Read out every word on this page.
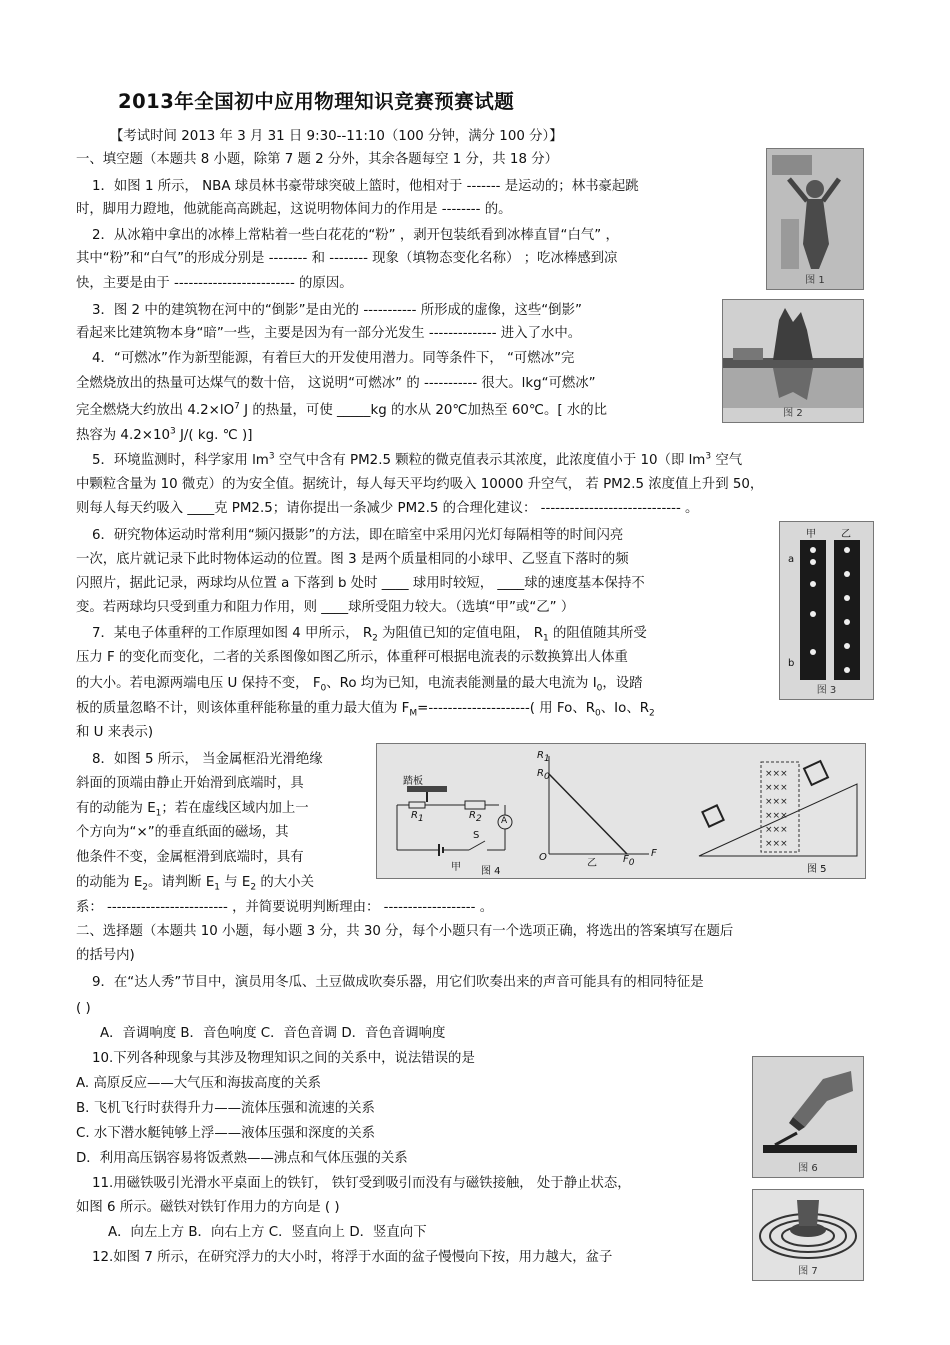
2013年全国初中应用物理知识竞赛预赛试题
【考试时间 2013 年 3 月 31 日 9:30--11:10（100 分钟，满分 100 分）】
一、填空题（本题共 8 小题，除第 7 题 2 分外，其余各题每空 1 分，共 18 分）
1．如图 1 所示， NBA 球员林书豪带球突破上篮时，他相对于 ------- 是运动的；林书豪起跳
时，脚用力蹬地，他就能高高跳起，这说明物体间力的作用是 -------- 的。
2．从冰箱中拿出的冰棒上常粘着一些白花花的“粉” ，剥开包装纸看到冰棒直冒“白气” ，
其中“粉”和“白气”的形成分别是 -------- 和 -------- 现象（填物态变化名称） ；吃冰棒感到凉
快，主要是由于 ------------------------- 的原因。
3．图 2 中的建筑物在河中的“倒影”是由光的 ----------- 所形成的虚像，这些“倒影”
看起来比建筑物本身“暗”一些，主要是因为有一部分光发生 -------------- 进入了水中。
4．“可燃冰”作为新型能源，有着巨大的开发使用潜力。同等条件下， “可燃冰”完
全燃烧放出的热量可达煤气的数十倍， 这说明“可燃冰” 的 ----------- 很大。lkg“可燃冰”
完全燃烧大约放出 $4.2\times lO^7$ J 的热量，可使 _____kg 的水从 20℃加热至 60℃。[ 水的比
热容为 $4.2\times 10^3$ J/( kg. ℃ )]
5．环境监测时，科学家用 $lm^3$ 空气中含有 PM2.5 颗粒的微克值表示其浓度，此浓度值小于 10（即 $lm^3$ 空气
中颗粒含量为 10 微克）的为安全值。据统计，每人每天平均约吸入 10000 升空气， 若 PM2.5 浓度值上升到 50，
则每人每天约吸入 ____克 PM2.5；请你提出一条减少 PM2.5 的合理化建议： ----------------------------- 。
6．研究物体运动时常利用“频闪摄影”的方法，即在暗室中采用闪光灯每隔相等的时间闪亮
一次，底片就记录下此时物体运动的位置。图 3 是两个质量相同的小球甲、乙竖直下落时的频
闪照片，据此记录，两球均从位置 a 下落到 b 处时 ____ 球用时较短， ____球的速度基本保持不
变。若两球均只受到重力和阻力作用，则 ____球所受阻力较大。（选填“甲”或“乙” ）
7．某电子体重秤的工作原理如图 4 甲所示， $R_2$ 为阻值已知的定值电阻， $R_1$ 的阻值随其所受
压力 F 的变化而变化，二者的关系图像如图乙所示，体重秤可根据电流表的示数换算出人体重
的大小。若电源两端电压 U 保持不变， $F_0$、Ro 均为已知，电流表能测量的最大电流为 $I_0$，设踏
板的质量忽略不计，则该体重秤能称量的重力最大值为 $F_M=---------------------$( 用 Fo、$R_0$、Io、$R_2$
和 U 来表示)
8．如图 5 所示， 当金属框沿光滑绝缘
斜面的顶端由静止开始滑到底端时，具
有的动能为 $E_1$；若在虚线区域内加上一
个方向为“×”的垂直纸面的磁场，其
他条件不变，金属框滑到底端时，具有
的动能为 $E_2$。请判断 $E_1$ 与 $E_2$ 的大小关
系： ------------------------- ，并简要说明判断理由： ------------------- 。
二、选择题（本题共 10 小题，每小题 3 分，共 30 分，每个小题只有一个选项正确，将选出的答案填写在题后
的括号内)
9．在“达人秀”节目中，演员用冬瓜、土豆做成吹奏乐器，用它们吹奏出来的声音可能具有的相同特征是
( )
A．音调响度 B．音色响度 C．音色音调 D．音色音调响度
10.下列各种现象与其涉及物理知识之间的关系中，说法错误的是
A. 高原反应——大气压和海拔高度的关系
B. 飞机飞行时获得升力——流体压强和流速的关系
C. 水下潜水艇钝够上浮——液体压强和深度的关系
D．利用高压锅容易将饭煮熟——沸点和气体压强的关系
11.用磁铁吸引光滑水平桌面上的铁钉， 铁钉受到吸引而没有与磁铁接触， 处于静止状态，
如图 6 所示。磁铁对铁钉作用力的方向是 ( )
A．向左上方 B．向右上方 C．竖直向上 D．竖直向下
12.如图 7 所示，在研究浮力的大小时，将浮于水面的盆子慢慢向下按，用力越大，盆子
图 1
图 2
甲	乙
a
b
图 3
×××
×××
×××
×××
×××
×××
踏板
$R_1$	$R_2$ A
S
甲
$R_1$
$R_0$
O	$F_0$
F
乙
图 4	图 5
图 6
图 7
